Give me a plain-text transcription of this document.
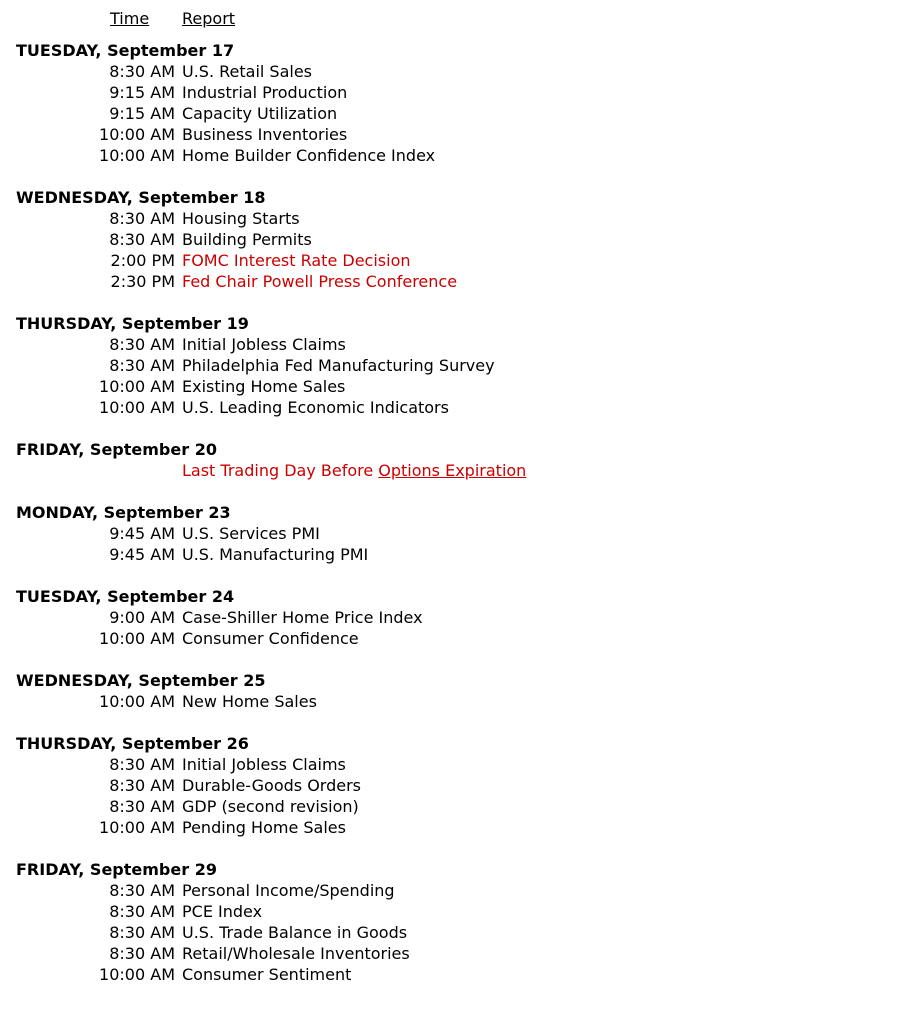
Time	Report
TUESDAY, September 17
8:30 AM U.S. Retail Sales
9:15 AM Industrial Production
9:15 AM Capacity Utilization
10:00 AM Business Inventories
10:00 AM Home Builder Confidence Index
WEDNESDAY, September 18
8:30 AM Housing Starts
8:30 AM Building Permits
2:00 PM FOMC Interest Rate Decision
2:30 PM Fed Chair Powell Press Conference
THURSDAY, September 19
8:30 AM Initial Jobless Claims
8:30 AM Philadelphia Fed Manufacturing Survey
10:00 AM Existing Home Sales
10:00 AM U.S. Leading Economic Indicators
FRIDAY, September 20
Last Trading Day Before Options Expiration
MONDAY, September 23
9:45 AM U.S. Services PMI
9:45 AM U.S. Manufacturing PMI
TUESDAY, September 24
9:00 AM Case-Shiller Home Price Index
10:00 AM Consumer Confidence
WEDNESDAY, September 25
10:00 AM New Home Sales
THURSDAY, September 26
8:30 AM Initial Jobless Claims
8:30 AM Durable-Goods Orders
8:30 AM GDP (second revision)
10:00 AM Pending Home Sales
FRIDAY, September 29
8:30 AM Personal Income/Spending
8:30 AM PCE Index
8:30 AM U.S. Trade Balance in Goods
8:30 AM Retail/Wholesale Inventories
10:00 AM Consumer Sentiment
